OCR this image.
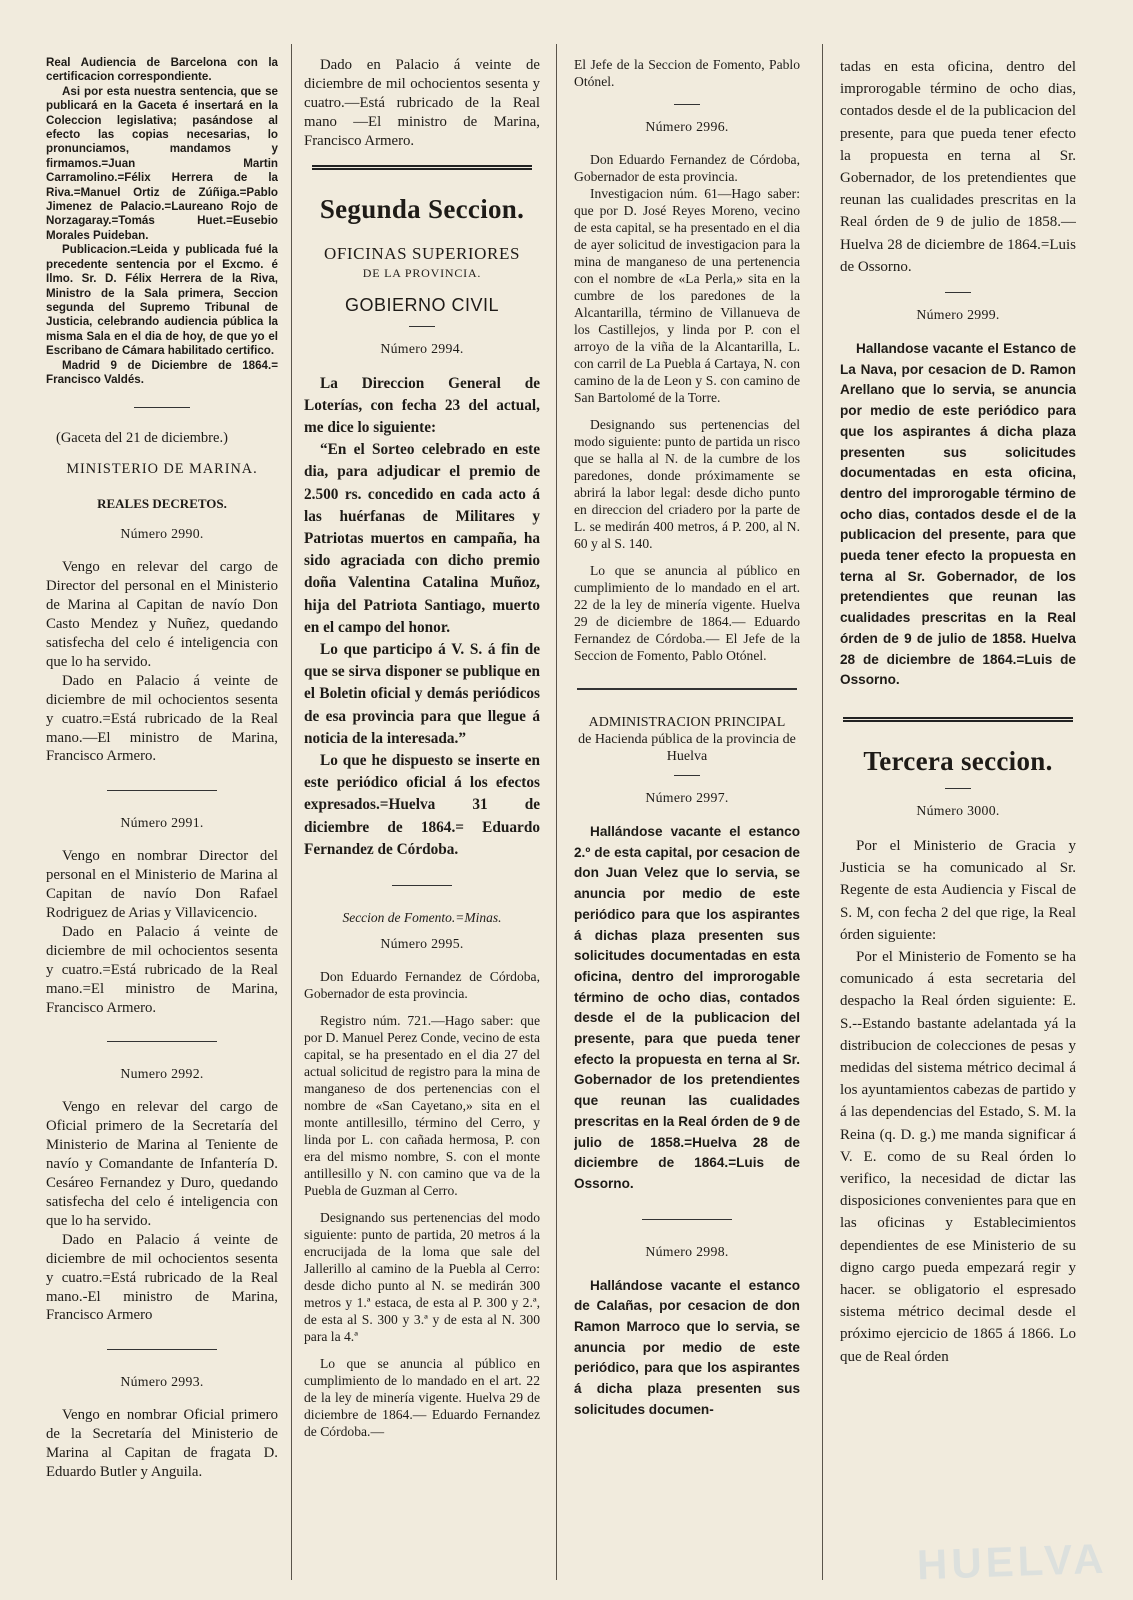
Real Audiencia de Barcelona con la certificacion correspondiente.

Asi por esta nuestra sentencia, que se publicará en la Gaceta é insertará en la Coleccion legislativa; pasándose al efecto las copias necesarias, lo pronunciamos, mandamos y firmamos.=Juan Martin Carramolino.=Félix Herrera de la Riva.=Manuel Ortiz de Zúñiga.=Pablo Jimenez de Palacio.=Laureano Rojo de Norzagaray.=Tomás Huet.=Eusebio Morales Puideban.

Publicacion.=Leida y publicada fué la precedente sentencia por el Excmo. é Ilmo. Sr. D. Félix Herrera de la Riva, Ministro de la Sala primera, Seccion segunda del Supremo Tribunal de Justicia, celebrando audiencia pública la misma Sala en el dia de hoy, de que yo el Escribano de Cámara habilitado certifico.

Madrid 9 de Diciembre de 1864.= Francisco Valdés.

(Gaceta del 21 de diciembre.)
MINISTERIO DE MARINA.
REALES DECRETOS.
Número 2990.

Vengo en relevar del cargo de Director del personal en el Ministerio de Marina al Capitan de navío Don Casto Mendez y Nuñez, quedando satisfecha del celo é inteligencia con que lo ha servido.

Dado en Palacio á veinte de diciembre de mil ochocientos sesenta y cuatro.=Está rubricado de la Real mano.—El ministro de Marina, Francisco Armero.

Número 2991.

Vengo en nombrar Director del personal en el Ministerio de Marina al Capitan de navío Don Rafael Rodriguez de Arias y Villavicencio.

Dado en Palacio á veinte de diciembre de mil ochocientos sesenta y cuatro.=Está rubricado de la Real mano.=El ministro de Marina, Francisco Armero.

Numero 2992.

Vengo en relevar del cargo de Oficial primero de la Secretaría del Ministerio de Marina al Teniente de navío y Comandante de Infantería D. Cesáreo Fernandez y Duro, quedando satisfecha del celo é inteligencia con que lo ha servido.

Dado en Palacio á veinte de diciembre de mil ochocientos sesenta y cuatro.=Está rubricado de la Real mano.-El ministro de Marina, Francisco Armero

Número 2993.

Vengo en nombrar Oficial primero de la Secretaría del Ministerio de Marina al Capitan de fragata D. Eduardo Butler y Anguila.

Dado en Palacio á veinte de diciembre de mil ochocientos sesenta y cuatro.—Está rubricado de la Real mano —El ministro de Marina, Francisco Armero.

Segunda Seccion.
OFICINAS SUPERIORES
DE LA PROVINCIA.
GOBIERNO CIVIL
Número 2994.

La Direccion General de Loterías, con fecha 23 del actual, me dice lo siguiente:

“En el Sorteo celebrado en este dia, para adjudicar el premio de 2.500 rs. concedido en cada acto á las huérfanas de Militares y Patriotas muertos en campaña, ha sido agraciada con dicho premio doña Valentina Catalina Muñoz, hija del Patriota Santiago, muerto en el campo del honor.

Lo que participo á V. S. á fin de que se sirva disponer se publique en el Boletin oficial y demás periódicos de esa provincia para que llegue á noticia de la interesada.”

Lo que he dispuesto se inserte en este periódico oficial á los efectos expresados.=Huelva 31 de diciembre de 1864.= Eduardo Fernandez de Córdoba.

Seccion de Fomento.=Minas.
Número 2995.

Don Eduardo Fernandez de Córdoba, Gobernador de esta provincia.

Registro núm. 721.—Hago saber: que por D. Manuel Perez Conde, vecino de esta capital, se ha presentado en el dia 27 del actual solicitud de registro para la mina de manganeso de dos pertenencias con el nombre de «San Cayetano,» sita en el monte antillesillo, término del Cerro, y linda por L. con cañada hermosa, P. con era del mismo nombre, S. con el monte antillesillo y N. con camino que va de la Puebla de Guzman al Cerro.

Designando sus pertenencias del modo siguiente: punto de partida, 20 metros á la encrucijada de la loma que sale del Jallerillo al camino de la Puebla al Cerro: desde dicho punto al N. se medirán 300 metros y 1.ª estaca, de esta al P. 300 y 2.ª, de esta al S. 300 y 3.ª y de esta al N. 300 para la 4.ª

Lo que se anuncia al público en cumplimiento de lo mandado en el art. 22 de la ley de minería vigente. Huelva 29 de diciembre de 1864.— Eduardo Fernandez de Córdoba.—

El Jefe de la Seccion de Fomento, Pablo Otónel.

Número 2996.

Don Eduardo Fernandez de Córdoba, Gobernador de esta provincia.

Investigacion núm. 61—Hago saber: que por D. José Reyes Moreno, vecino de esta capital, se ha presentado en el dia de ayer solicitud de investigacion para la mina de manganeso de una pertenencia con el nombre de «La Perla,» sita en la cumbre de los paredones de la Alcantarilla, término de Villanueva de los Castillejos, y linda por P. con el arroyo de la viña de la Alcantarilla, L. con carril de La Puebla á Cartaya, N. con camino de la de Leon y S. con camino de San Bartolomé de la Torre.

Designando sus pertenencias del modo siguiente: punto de partida un risco que se halla al N. de la cumbre de los paredones, donde próximamente se abrirá la labor legal: desde dicho punto en direccion del criadero por la parte de L. se medirán 400 metros, á P. 200, al N. 60 y al S. 140.

Lo que se anuncia al público en cumplimiento de lo mandado en el art. 22 de la ley de minería vigente. Huelva 29 de diciembre de 1864.— Eduardo Fernandez de Córdoba.— El Jefe de la Seccion de Fomento, Pablo Otónel.

ADMINISTRACION PRINCIPAL
de Hacienda pública de la provincia de Huelva
Número 2997.

Hallándose vacante el estanco 2.º de esta capital, por cesacion de don Juan Velez que lo servia, se anuncia por medio de este periódico para que los aspirantes á dichas plaza presenten sus solicitudes documentadas en esta oficina, dentro del improrogable término de ocho dias, contados desde el de la publicacion del presente, para que pueda tener efecto la propuesta en terna al Sr. Gobernador de los pretendientes que reunan las cualidades prescritas en la Real órden de 9 de julio de 1858.=Huelva 28 de diciembre de 1864.=Luis de Ossorno.

Número 2998.

Hallándose vacante el estanco de Calañas, por cesacion de don Ramon Marroco que lo servia, se anuncia por medio de este periódico, para que los aspirantes á dicha plaza presenten sus solicitudes documen-

tadas en esta oficina, dentro del improrogable término de ocho dias, contados desde el de la publicacion del presente, para que pueda tener efecto la propuesta en terna al Sr. Gobernador, de los pretendientes que reunan las cualidades prescritas en la Real órden de 9 de julio de 1858.—Huelva 28 de diciembre de 1864.=Luis de Ossorno.

Número 2999.

Hallandose vacante el Estanco de La Nava, por cesacion de D. Ramon Arellano que lo servia, se anuncia por medio de este periódico para que los aspirantes á dicha plaza presenten sus solicitudes documentadas en esta oficina, dentro del improrogable término de ocho dias, contados desde el de la publicacion del presente, para que pueda tener efecto la propuesta en terna al Sr. Gobernador, de los pretendientes que reunan las cualidades prescritas en la Real órden de 9 de julio de 1858. Huelva 28 de diciembre de 1864.=Luis de Ossorno.

Tercera seccion.
Número 3000.

Por el Ministerio de Gracia y Justicia se ha comunicado al Sr. Regente de esta Audiencia y Fiscal de S. M, con fecha 2 del que rige, la Real órden siguiente:

Por el Ministerio de Fomento se ha comunicado á esta secretaria del despacho la Real órden siguiente: E. S.--Estando bastante adelantada yá la distribucion de colecciones de pesas y medidas del sistema métrico decimal á los ayuntamientos cabezas de partido y á las dependencias del Estado, S. M. la Reina (q. D. g.) me manda significar á V. E. como de su Real órden lo verifico, la necesidad de dictar las disposiciones convenientes para que en las oficinas y Establecimientos dependientes de ese Ministerio de su digno cargo pueda empezará regir y hacer. se obligatorio el espresado sistema métrico decimal desde el próximo ejercicio de 1865 á 1866. Lo que de Real órden

HUELVA
